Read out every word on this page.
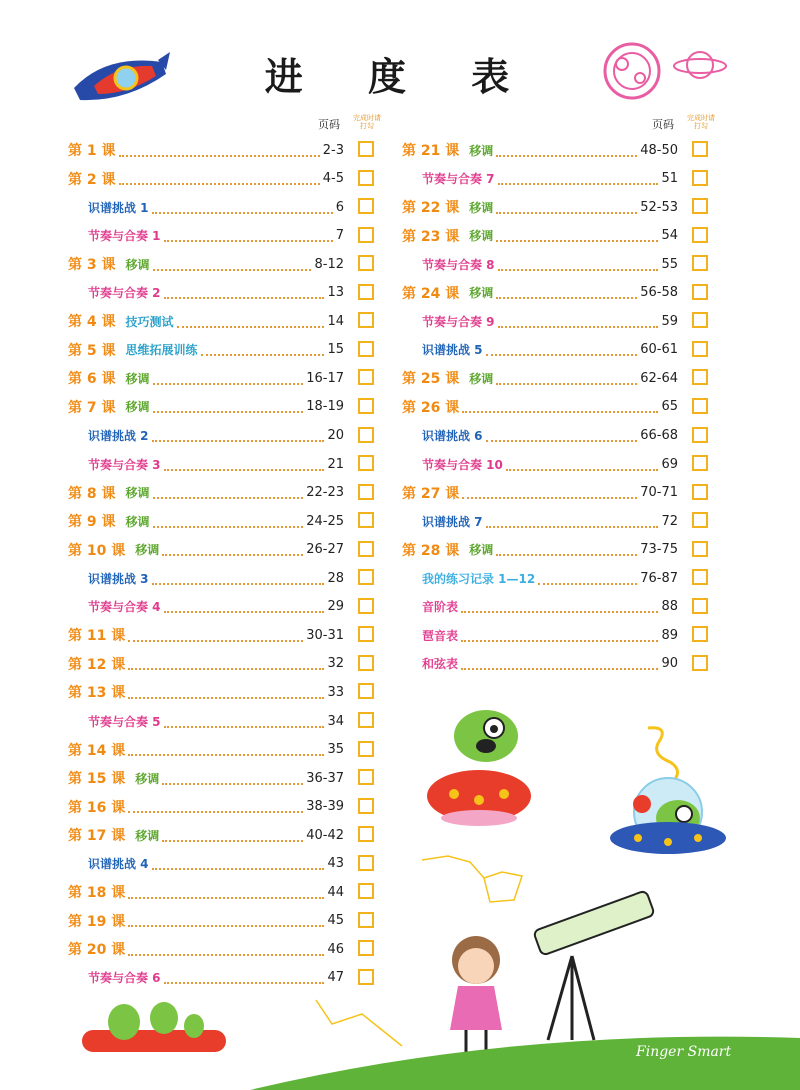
进 度 表
页码 完成时请打勾	页码 完成时请打勾
第 1 课	2-3
第 2 课	4-5
识谱挑战 1	6
节奏与合奏 1	7
第 3 课 移调	8-12
节奏与合奏 2	13
第 4 课 技巧测试	14
第 5 课 思维拓展训练	15
第 6 课 移调	16-17
第 7 课 移调	18-19
识谱挑战 2	20
节奏与合奏 3	21
第 8 课 移调	22-23
第 9 课 移调	24-25
第 10 课 移调	26-27
识谱挑战 3	28
节奏与合奏 4	29
第 11 课	30-31
第 12 课	32
第 13 课	33
节奏与合奏 5	34
第 14 课	35
第 15 课 移调	36-37
第 16 课	38-39
第 17 课 移调	40-42
识谱挑战 4	43
第 18 课	44
第 19 课	45
第 20 课	46
节奏与合奏 6	47
第 21 课 移调	48-50
节奏与合奏 7	51
第 22 课 移调	52-53
第 23 课 移调	54
节奏与合奏 8	55
第 24 课 移调	56-58
节奏与合奏 9	59
识谱挑战 5	60-61
第 25 课 移调	62-64
第 26 课	65
识谱挑战 6	66-68
节奏与合奏 10	69
第 27 课	70-71
识谱挑战 7	72
第 28 课 移调	73-75
我的练习记录 1—12	76-87
音阶表	88
琶音表	89
和弦表	90
Finger Smart
